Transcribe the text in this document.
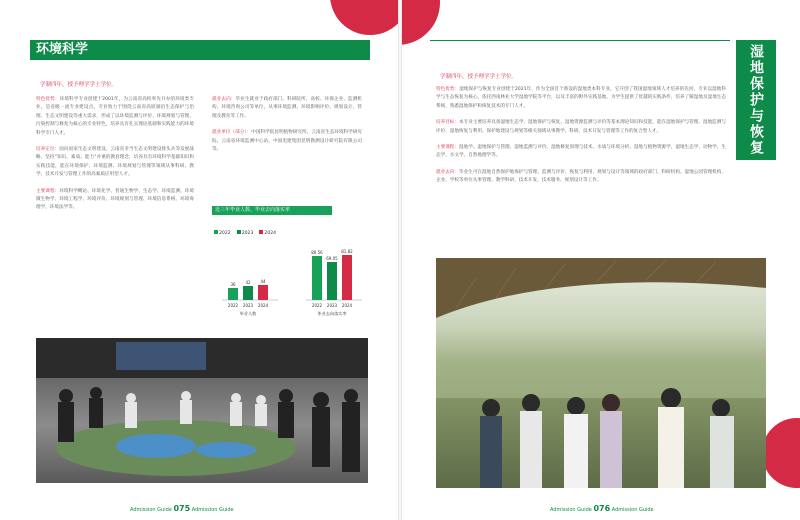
环境科学
学制四年，授予理学学士学位。

特色优势：环境科学专业创建于2001年，为云南省高校率先开办的环境类专业。是省级一流专业建设点。专业致力于围绕云南省高原湖泊生态保护与治理、生态文明建设等重大需求，形成了以环境监测与评价、环境规划与管理、污染控制与修复为核心的专业特色，培养具有扎实理论基础和实践能力的环境科学专门人才。

培养定位：面向国家生态文明建设、云南省争当生态文明建设排头兵等发展战略，坚持“知识、素质、能力”并重的教育理念，培养具有环境科学基础知识和实践技能，能在环境保护、环境监测、环境规划与管理等领域从事科研、教学、技术开发与管理工作的高素质应用型人才。

主要课程：环境科学概论、环境化学、普通生物学、生态学、环境监测、环境微生物学、环境工程学、环境评价、环境规划与管理、环境信息系统、环境毒理学、环境法学等。

就业去向：毕业生就业于政府部门、科研院所、高校、环保企业、监测机构、环境咨询公司等单位，从事环境监测、环境影响评价、规划设计、管理及教育等工作。

就业单位（部分）：中国科学院昆明植物研究所、云南省生态环境科学研究院、云南省环境监测中心站、中国电建集团昆明勘测设计研究院有限公司等。

近三年毕业人数、毕业去向落实率
2022	2023	2024
36 42 44
2022 2023 2024
毕业人数
80.56
69.05
81.82
2022 2023 2024
毕业去向落实率
Admission Guide 075 Admission Guide
湿地保护与恢复
学制四年，授予理学学士学位。

特色优势：湿地保护与恢复专业创建于2021年，作为全国首个新设的湿地类本科专业，它开创了我国湿地领域人才培养的先河。专业以湿地科学与生态恢复为核心，依托西南林业大学湿地学院等平台，以及丰富的野外实践基地，为学生提供了优越的实践条件，培养了解湿地及湿地生态系统、熟悉湿地保护和恢复技术的专门人才。

培养目标：本专业主要培养具备湿地生态学、湿地保护与恢复、湿地资源监测与评价等基本理论知识和技能，能在湿地保护与管理、湿地监测与评价、湿地恢复与利用、保护地建设与规划等相关领域从事教学、科研、技术开发与管理等工作的复合型人才。

主要课程：湿地学、湿地保护与管理、湿地监测与评价、湿地修复原理与技术、水质与环境分析、湿地与植物资源学、湿地生态学、动物学、生态学、水文学、自然地理学等。

就业去向：毕业生可在湿地自然保护地保护与管理、监测与评价、恢复与利用、规划与设计等领域的政府部门、科研机构、湿地公园管理机构、企业、学校等单位从事管理、教学科研、技术开发、技术服务、规划设计等工作。

Admission Guide 076 Admission Guide
